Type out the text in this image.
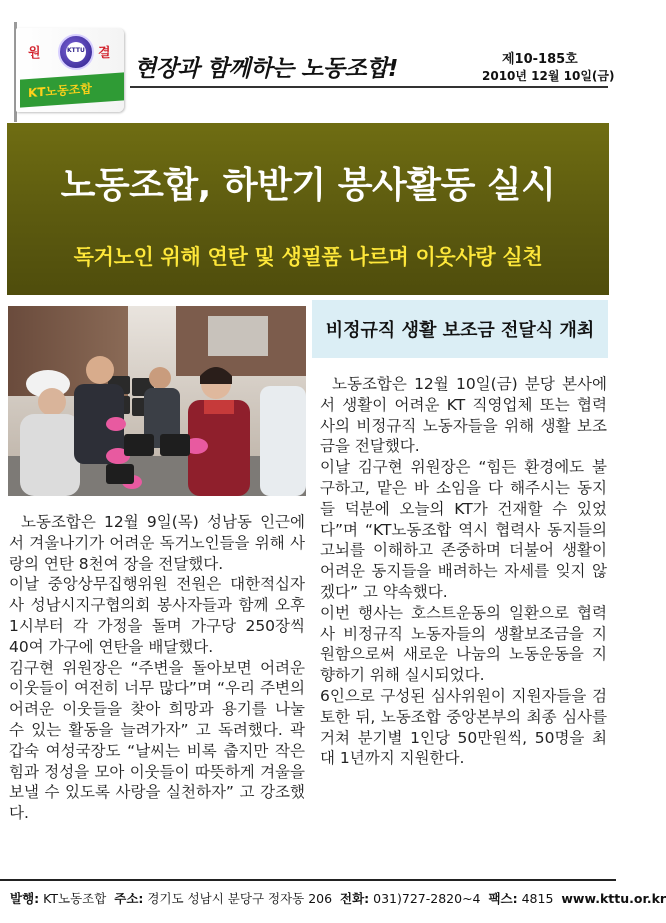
원	KTTU 결
KT노동조합
현장과 함께하는 노동조합!	제10-185호
2010년 12월 10일(금)
노동조합, 하반기 봉사활동 실시
독거노인 위해 연탄 및 생필품 나르며 이웃사랑 실천
비정규직 생활 보조금 전달식 개최

노동조합은 12월 9일(목) 성남동 인근에서 겨울나기가 어려운 독거노인들을 위해 사랑의 연탄 8천여 장을 전달했다.

이날 중앙상무집행위원 전원은 대한적십자사 성남시지구협의회 봉사자들과 함께 오후 1시부터 각 가정을 돌며 가구당 250장씩 40여 가구에 연탄을 배달했다.

김구현 위원장은 “주변을 돌아보면 어려운 이웃들이 여전히 너무 많다”며 “우리 주변의 어려운 이웃들을 찾아 희망과 용기를 나눌 수 있는 활동을 늘려가자” 고 독려했다. 곽갑숙 여성국장도 “날씨는 비록 춥지만 작은 힘과 정성을 모아 이웃들이 따뜻하게 겨울을 보낼 수 있도록 사랑을 실천하자” 고 강조했다.

노동조합은 12월 10일(금) 분당 본사에서 생활이 어려운 KT 직영업체 또는 협력사의 비정규직 노동자들을 위해 생활 보조금을 전달했다.

이날 김구현 위원장은 “힘든 환경에도 불구하고, 맡은 바 소임을 다 해주시는 동지들 덕분에 오늘의 KT가 건재할 수 있었다”며 “KT노동조합 역시 협력사 동지들의 고뇌를 이해하고 존중하며 더불어 생활이 어려운 동지들을 배려하는 자세를 잊지 않겠다” 고 약속했다.

이번 행사는 호스트운동의 일환으로 협력사 비정규직 노동자들의 생활보조금을 지원함으로써 새로운 나눔의 노동운동을 지향하기 위해 실시되었다.

6인으로 구성된 심사위원이 지원자들을 검토한 뒤, 노동조합 중앙본부의 최종 심사를 거쳐 분기별 1인당 50만원씩, 50명을 최대 1년까지 지원한다.

발행: KT노동조합 주소: 경기도 성남시 분당구 정자동 206 전화: 031)727-2820~4 팩스: 4815 www.kttu.or.kr
